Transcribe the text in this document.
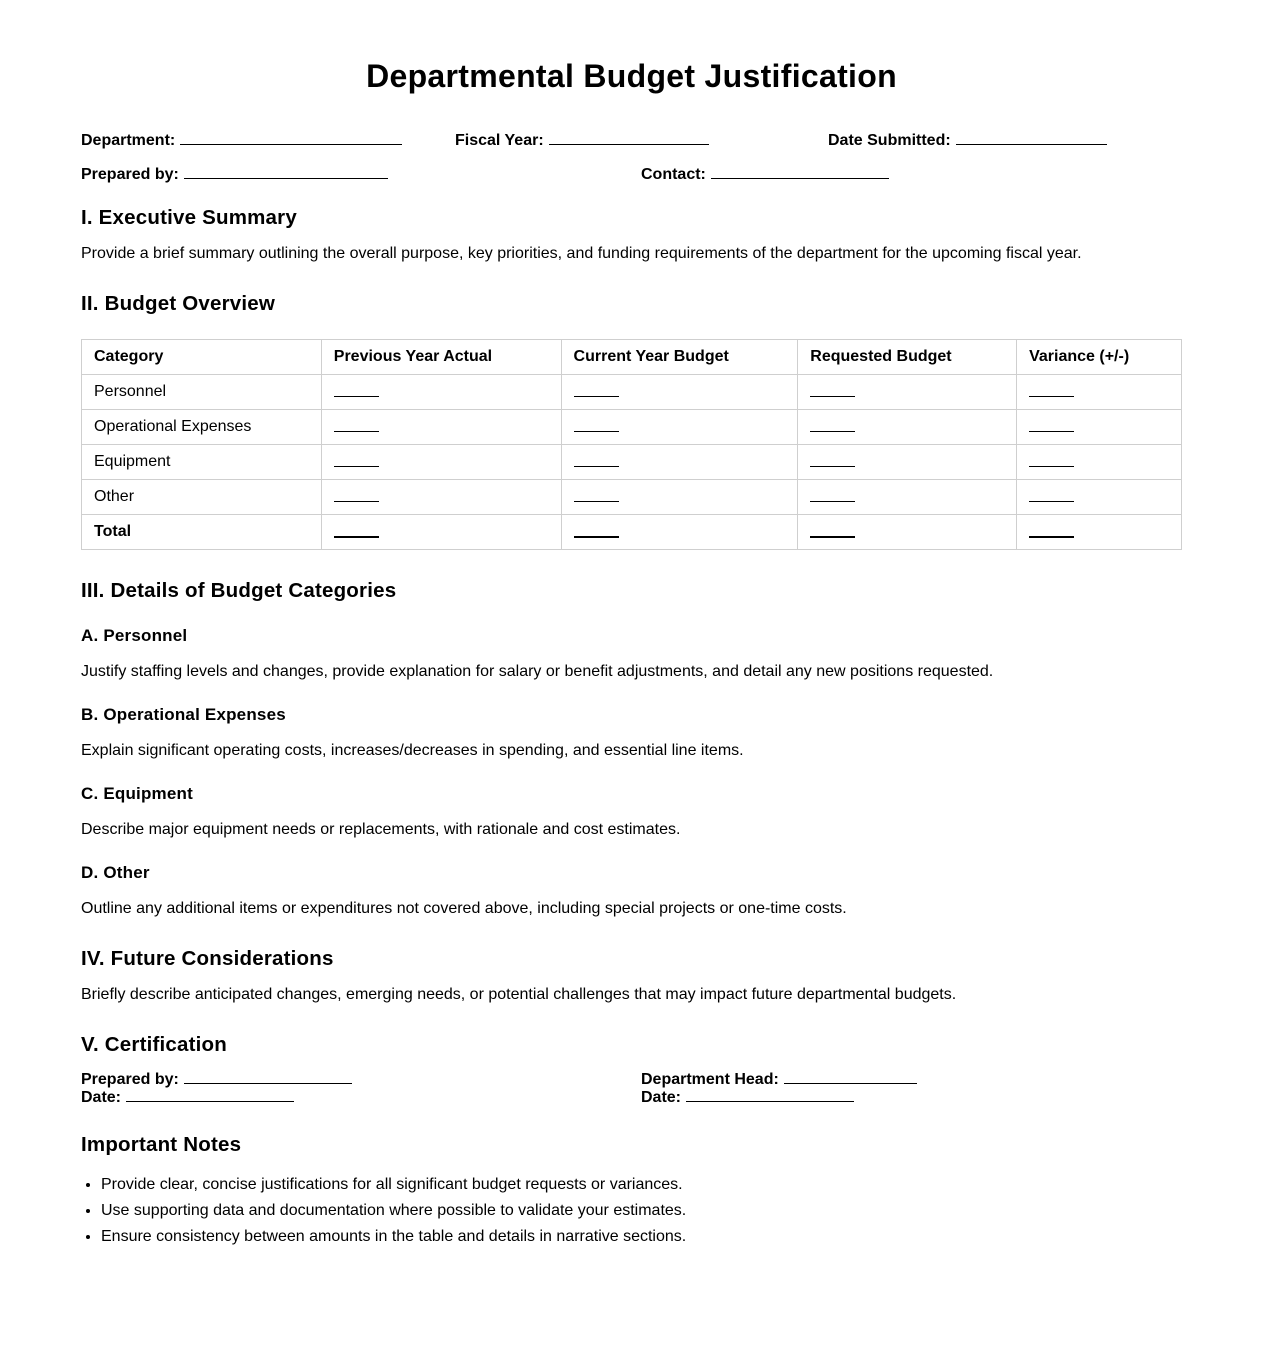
Departmental Budget Justification
Department:	Fiscal Year:	Date Submitted:
Prepared by:	Contact:
I. Executive Summary

Provide a brief summary outlining the overall purpose, key priorities, and funding requirements of the department for the upcoming fiscal year.

II. Budget Overview
Category	Previous Year Actual	Current Year Budget	Requested Budget	Variance (+/-)
Personnel				
Operational Expenses				
Equipment				
Other				
Total				
III. Details of Budget Categories
A. Personnel

Justify staffing levels and changes, provide explanation for salary or benefit adjustments, and detail any new positions requested.

B. Operational Expenses

Explain significant operating costs, increases/decreases in spending, and essential line items.

C. Equipment

Describe major equipment needs or replacements, with rationale and cost estimates.

D. Other

Outline any additional items or expenditures not covered above, including special projects or one-time costs.

IV. Future Considerations

Briefly describe anticipated changes, emerging needs, or potential challenges that may impact future departmental budgets.

V. Certification
Prepared by:
Date:
Department Head:
Date:
Important Notes
• Provide clear, concise justifications for all significant budget requests or variances.
• Use supporting data and documentation where possible to validate your estimates.
• Ensure consistency between amounts in the table and details in narrative sections.
